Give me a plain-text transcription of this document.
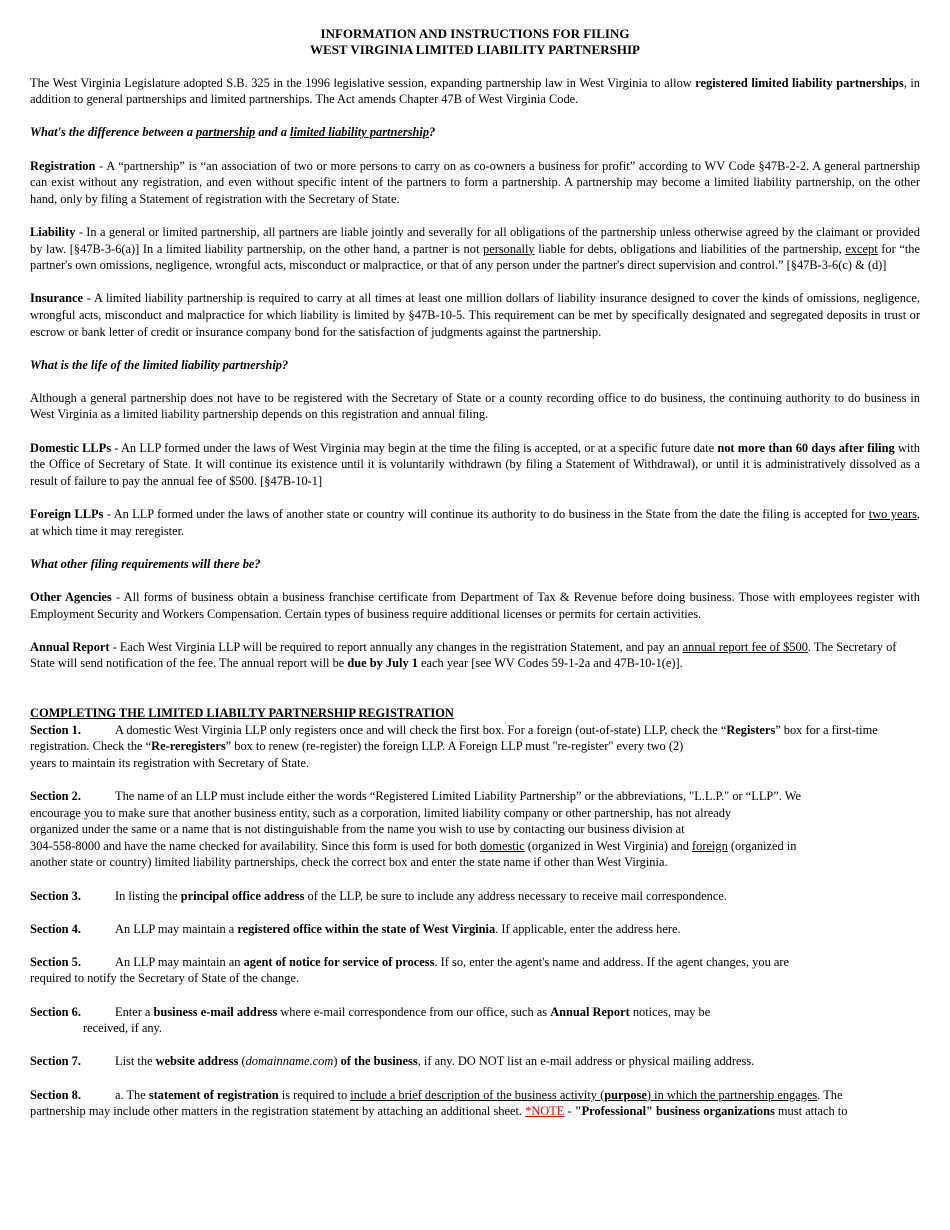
INFORMATION AND INSTRUCTIONS FOR FILING
WEST VIRGINIA LIMITED LIABILITY PARTNERSHIP

The West Virginia Legislature adopted S.B. 325 in the 1996 legislative session, expanding partnership law in West Virginia to allow registered limited liability partnerships, in addition to general partnerships and limited partnerships. The Act amends Chapter 47B of West Virginia Code.

What's the difference between a partnership and a limited liability partnership?

Registration - A “partnership” is “an association of two or more persons to carry on as co-owners a business for profit” according to WV Code §47B-2-2. A general partnership can exist without any registration, and even without specific intent of the partners to form a partnership. A partnership may become a limited liability partnership, on the other hand, only by filing a Statement of registration with the Secretary of State.

Liability - In a general or limited partnership, all partners are liable jointly and severally for all obligations of the partnership unless otherwise agreed by the claimant or provided by law. [§47B-3-6(a)] In a limited liability partnership, on the other hand, a partner is not personally liable for debts, obligations and liabilities of the partnership, except for “the partner's own omissions, negligence, wrongful acts, misconduct or malpractice, or that of any person under the partner's direct supervision and control.” [§47B-3-6(c) & (d)]

Insurance - A limited liability partnership is required to carry at all times at least one million dollars of liability insurance designed to cover the kinds of omissions, negligence, wrongful acts, misconduct and malpractice for which liability is limited by §47B-10-5. This requirement can be met by specifically designated and segregated deposits in trust or escrow or bank letter of credit or insurance company bond for the satisfaction of judgments against the partnership.

What is the life of the limited liability partnership?

Although a general partnership does not have to be registered with the Secretary of State or a county recording office to do business, the continuing authority to do business in West Virginia as a limited liability partnership depends on this registration and annual filing.

Domestic LLPs - An LLP formed under the laws of West Virginia may begin at the time the filing is accepted, or at a specific future date not more than 60 days after filing with the Office of Secretary of State. It will continue its existence until it is voluntarily withdrawn (by filing a Statement of Withdrawal), or until it is administratively dissolved as a result of failure to pay the annual fee of $500. [§47B-10-1]

Foreign LLPs - An LLP formed under the laws of another state or country will continue its authority to do business in the State from the date the filing is accepted for two years, at which time it may reregister.

What other filing requirements will there be?

Other Agencies - All forms of business obtain a business franchise certificate from Department of Tax & Revenue before doing business. Those with employees register with Employment Security and Workers Compensation. Certain types of business require additional licenses or permits for certain activities.

Annual Report - Each West Virginia LLP will be required to report annually any changes in the registration Statement, and pay an annual report fee of $500. The Secretary of State will send notification of the fee. The annual report will be due by July 1 each year [see WV Codes 59-1-2a and 47B-10-1(e)].

COMPLETING THE LIMITED LIABILTY PARTNERSHIP REGISTRATION

Section 1.	A domestic West Virginia LLP only registers once and will check the first box. For a foreign (out-of-state) LLP, check the “Registers” box for a first-time registration. Check the “Re-reregisters” box to renew (re-register) the foreign LLP. A Foreign LLP must "re-register" every two (2)
years to maintain its registration with Secretary of State.

Section 2.	The name of an LLP must include either the words “Registered Limited Liability Partnership” or the abbreviations, "L.L.P." or “LLP”. We
encourage you to make sure that another business entity, such as a corporation, limited liability company or other partnership, has not already
organized under the same or a name that is not distinguishable from the name you wish to use by contacting our business division at
304-558-8000 and have the name checked for availability. Since this form is used for both domestic (organized in West Virginia) and foreign (organized in
another state or country) limited liability partnerships, check the correct box and enter the state name if other than West Virginia.

Section 3.	In listing the principal office address of the LLP, be sure to include any address necessary to receive mail correspondence.

Section 4.	An LLP may maintain a registered office within the state of West Virginia. If applicable, enter the address here.

Section 5.	An LLP may maintain an agent of notice for service of process. If so, enter the agent's name and address. If the agent changes, you are
required to notify the Secretary of State of the change.

Section 6.	Enter a business e-mail address where e-mail correspondence from our office, such as Annual Report notices, may be
received, if any.

Section 7.	List the website address (domainname.com) of the business, if any. DO NOT list an e-mail address or physical mailing address.

Section 8.	a. The statement of registration is required to include a brief description of the business activity (purpose) in which the partnership engages. The
partnership may include other matters in the registration statement by attaching an additional sheet. *NOTE - "Professional" business organizations must attach to
